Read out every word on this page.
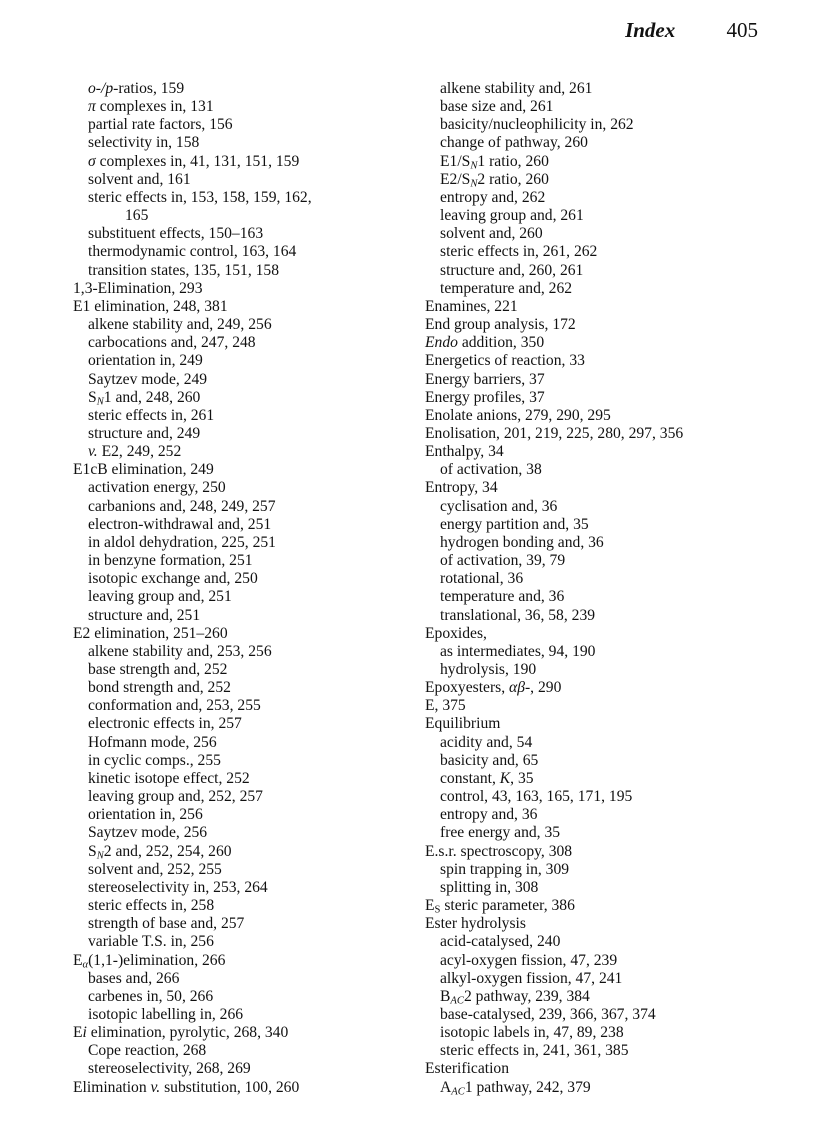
Index 405
o-/p-ratios, 159
π complexes in, 131
partial rate factors, 156
selectivity in, 158
σ complexes in, 41, 131, 151, 159
solvent and, 161
steric effects in, 153, 158, 159, 162,
165
substituent effects, 150–163
thermodynamic control, 163, 164
transition states, 135, 151, 158
1,3-Elimination, 293
E1 elimination, 248, 381
alkene stability and, 249, 256
carbocations and, 247, 248
orientation in, 249
Saytzev mode, 249
$S_N1$ and, 248, 260
steric effects in, 261
structure and, 249
v. E2, 249, 252
E1cB elimination, 249
activation energy, 250
carbanions and, 248, 249, 257
electron-withdrawal and, 251
in aldol dehydration, 225, 251
in benzyne formation, 251
isotopic exchange and, 250
leaving group and, 251
structure and, 251
E2 elimination, 251–260
alkene stability and, 253, 256
base strength and, 252
bond strength and, 252
conformation and, 253, 255
electronic effects in, 257
Hofmann mode, 256
in cyclic comps., 255
kinetic isotope effect, 252
leaving group and, 252, 257
orientation in, 256
Saytzev mode, 256
$S_N2$ and, 252, 254, 260
solvent and, 252, 255
stereoselectivity in, 253, 264
steric effects in, 258
strength of base and, 257
variable T.S. in, 256
$E_\alpha(1,1-)elimination$, 266
bases and, 266
carbenes in, 50, 266
isotopic labelling in, 266
Ei elimination, pyrolytic, 268, 340
Cope reaction, 268
stereoselectivity, 268, 269
Elimination v. substitution, 100, 260
alkene stability and, 261
base size and, 261
basicity/nucleophilicity in, 262
change of pathway, 260
$E1/S_N1$ ratio, 260
$E2/S_N2$ ratio, 260
entropy and, 262
leaving group and, 261
solvent and, 260
steric effects in, 261, 262
structure and, 260, 261
temperature and, 262
Enamines, 221
End group analysis, 172
Endo addition, 350
Energetics of reaction, 33
Energy barriers, 37
Energy profiles, 37
Enolate anions, 279, 290, 295
Enolisation, 201, 219, 225, 280, 297, 356
Enthalpy, 34
of activation, 38
Entropy, 34
cyclisation and, 36
energy partition and, 35
hydrogen bonding and, 36
of activation, 39, 79
rotational, 36
temperature and, 36
translational, 36, 58, 239
Epoxides,
as intermediates, 94, 190
hydrolysis, 190
Epoxyesters, αβ-, 290
E, 375
Equilibrium
acidity and, 54
basicity and, 65
constant, K, 35
control, 43, 163, 165, 171, 195
entropy and, 36
free energy and, 35
E.s.r. spectroscopy, 308
spin trapping in, 309
splitting in, 308
$E_S$ steric parameter, 386
Ester hydrolysis
acid-catalysed, 240
acyl-oxygen fission, 47, 239
alkyl-oxygen fission, 47, 241
$B_{AC}2$ pathway, 239, 384
base-catalysed, 239, 366, 367, 374
isotopic labels in, 47, 89, 238
steric effects in, 241, 361, 385
Esterification
$A_{AC}1$ pathway, 242, 379
